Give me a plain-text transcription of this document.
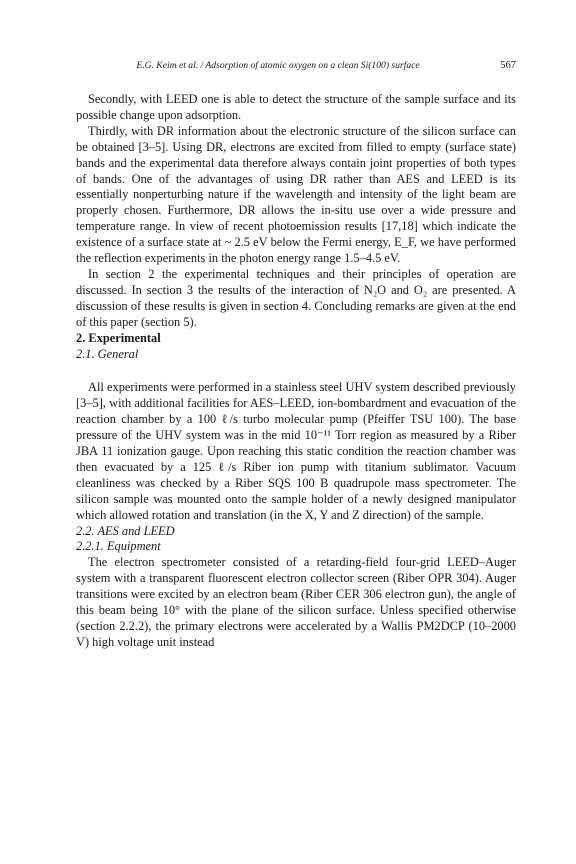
E.G. Keim et al. / Adsorption of atomic oxygen on a clean Si(100) surface	567

Secondly, with LEED one is able to detect the structure of the sample surface and its possible change upon adsorption.

Thirdly, with DR information about the electronic structure of the silicon surface can be obtained [3–5]. Using DR, electrons are excited from filled to empty (surface state) bands and the experimental data therefore always contain joint properties of both types of bands. One of the advantages of using DR rather than AES and LEED is its essentially nonperturbing nature if the wavelength and intensity of the light beam are properly chosen. Furthermore, DR allows the in-situ use over a wide pressure and temperature range. In view of recent photoemission results [17,18] which indicate the existence of a surface state at ~ 2.5 eV below the Fermi energy, E_F, we have performed the reflection experiments in the photon energy range 1.5–4.5 eV.

In section 2 the experimental techniques and their principles of operation are discussed. In section 3 the results of the interaction of N₂O and O₂ are presented. A discussion of these results is given in section 4. Concluding remarks are given at the end of this paper (section 5).

2. Experimental

2.1. General

All experiments were performed in a stainless steel UHV system described previously [3–5], with additional facilities for AES–LEED, ion-bombardment and evacuation of the reaction chamber by a 100 ℓ/s turbo molecular pump (Pfeiffer TSU 100). The base pressure of the UHV system was in the mid 10⁻¹¹ Torr region as measured by a Riber JBA 11 ionization gauge. Upon reaching this static condition the reaction chamber was then evacuated by a 125 ℓ/s Riber ion pump with titanium sublimator. Vacuum cleanliness was checked by a Riber SQS 100 B quadrupole mass spectrometer. The silicon sample was mounted onto the sample holder of a newly designed manipulator which allowed rotation and translation (in the X, Y and Z direction) of the sample.

2.2. AES and LEED

2.2.1. Equipment

The electron spectrometer consisted of a retarding-field four-grid LEED–Auger system with a transparent fluorescent electron collector screen (Riber OPR 304). Auger transitions were excited by an electron beam (Riber CER 306 electron gun), the angle of this beam being 10° with the plane of the silicon surface. Unless specified otherwise (section 2.2.2), the primary electrons were accelerated by a Wallis PM2DCP (10–2000 V) high voltage unit instead
